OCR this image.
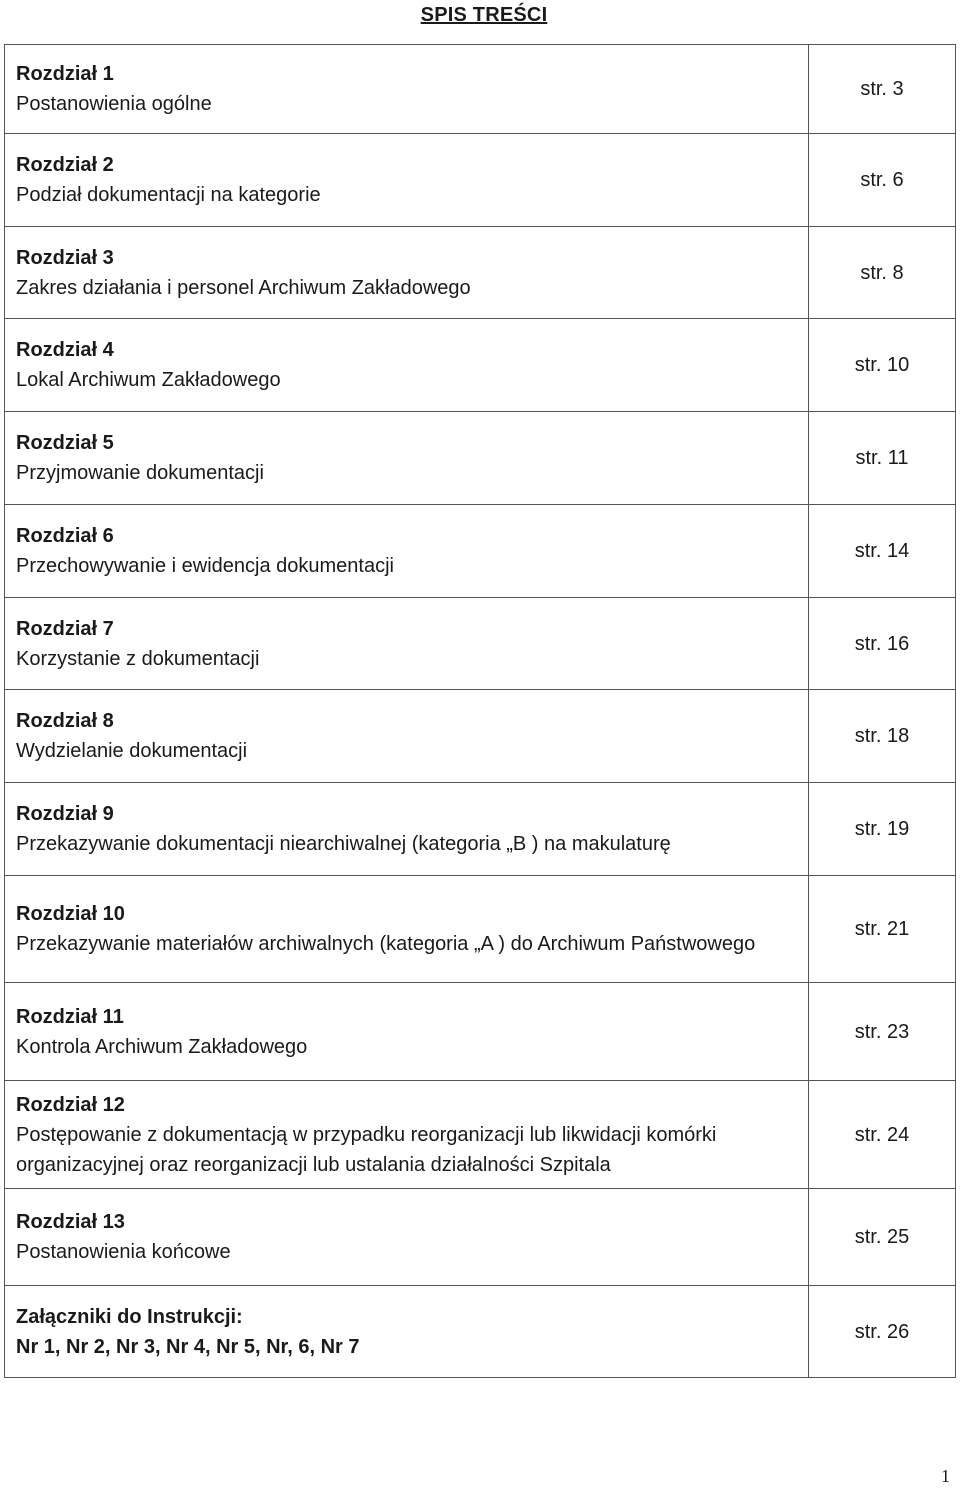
SPIS TREŚCI
Rozdział 1
Postanowienia ogólne	str. 3

Rozdział 2
Podział dokumentacji na kategorie	str. 6

Rozdział 3
Zakres działania i personel Archiwum Zakładowego	str. 8

Rozdział 4
Lokal Archiwum Zakładowego	str. 10

Rozdział 5
Przyjmowanie dokumentacji	str. 11

Rozdział 6
Przechowywanie i ewidencja dokumentacji	str. 14

Rozdział 7
Korzystanie z dokumentacji	str. 16

Rozdział 8
Wydzielanie dokumentacji	str. 18

Rozdział 9
Przekazywanie dokumentacji niearchiwalnej (kategoria „B ) na makulaturę	str. 19

Rozdział 10
Przekazywanie materiałów archiwalnych (kategoria „A ) do Archiwum Państwowego	str. 21

Rozdział 11
Kontrola Archiwum Zakładowego	str. 23

Rozdział 12
Postępowanie z dokumentacją w przypadku reorganizacji lub likwidacji komórki organizacyjnej oraz reorganizacji lub ustalania działalności Szpitala	str. 24

Rozdział 13
Postanowienia końcowe	str. 25

Załączniki do Instrukcji:
Nr 1, Nr 2, Nr 3, Nr 4, Nr 5, Nr, 6, Nr 7	str. 26
1
